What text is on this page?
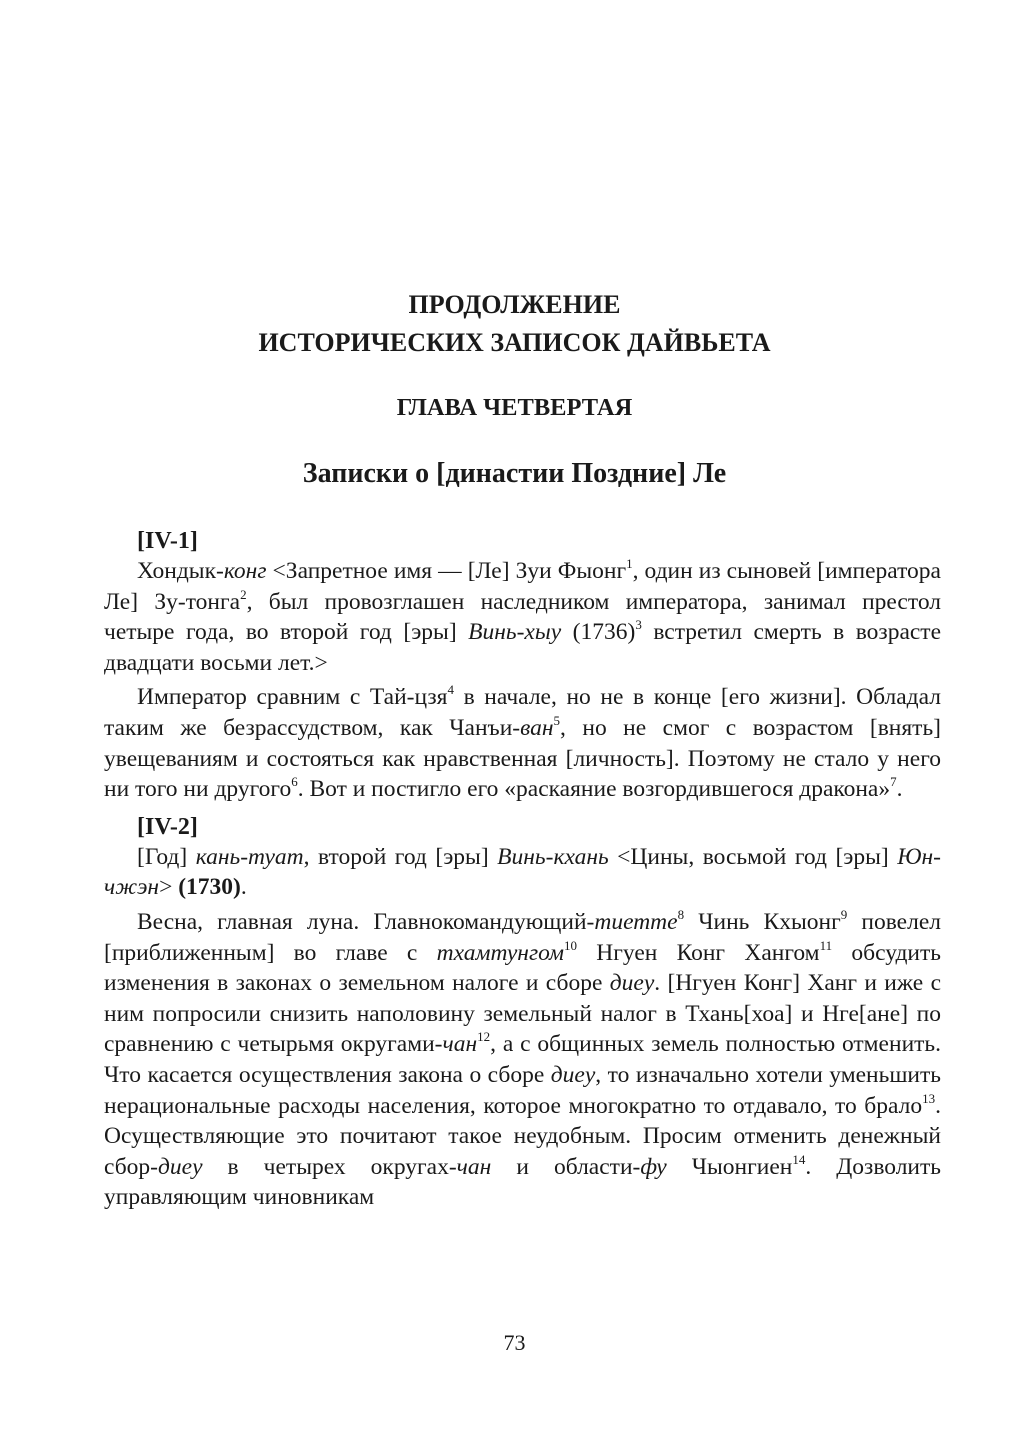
ПРОДОЛЖЕНИЕ
ИСТОРИЧЕСКИХ ЗАПИСОК ДАЙВЬЕТА
ГЛАВА ЧЕТВЕРТАЯ
Записки о [династии Поздние] Ле

[IV-1]

Хондык-конг <Запретное имя — [Ле] Зуи Фыонг$^1$, один из сыновей [императора Ле] Зу-тонга$^2$, был провозглашен наследником императора, занимал престол четыре года, во второй год [эры] Винь-хыу $(1736)^3$ встретил смерть в возрасте двадцати восьми лет.>

Император сравним с Тай-цзя$^4$ в начале, но не в конце [его жизни]. Обладал таким же безрассудством, как Чанъи-ван$^5$, но не смог с возрастом [внять] увещеваниям и состояться как нравственная [личность]. Поэтому не стало у него ни того ни другого$^6$. Вот и постигло его «раскаяние возгордившегося дракона»$^7$.

[IV-2]

[Год] кань-туат, второй год [эры] Винь-кхань <Цины, восьмой год [эры] Юн-чжэн> (1730).

Весна, главная луна. Главнокомандующий-тиетте$^8$ Чинь Кхыонг$^9$ повелел [приближенным] во главе с тхамтунгом$^{10}$ Нгуен Конг Хангом$^{11}$ обсудить изменения в законах о земельном налоге и сборе диеу. [Нгуен Конг] Ханг и иже с ним попросили снизить наполовину земельный налог в Тхань[хоа] и Нге[ане] по сравнению с четырьмя округами-чан$^{12}$, а с общинных земель полностью отменить. Что касается осуществления закона о сборе диеу, то изначально хотели уменьшить нерациональные расходы населения, которое многократно то отдавало, то брало$^{13}$. Осуществляющие это почитают такое неудобным. Просим отменить денежный сбор-диеу в четырех округах-чан и области-фу Чыонгиен$^{14}$. Дозволить управляющим чиновникам

73
